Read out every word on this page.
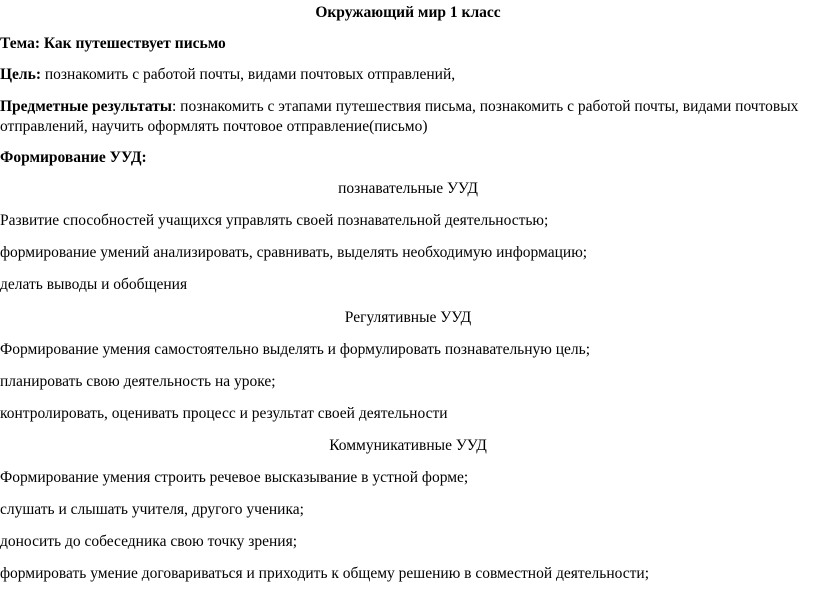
Окружающий мир 1 класс
Тема: Как путешествует письмо
Цель: познакомить с работой почты, видами почтовых отправлений,
Предметные результаты: познакомить с этапами путешествия письма, познакомить с работой почты, видами почтовых отправлений, научить оформлять почтовое отправление(письмо)
Формирование УУД:
познавательные УУД
Развитие способностей учащихся управлять своей познавательной деятельностью;
формирование умений анализировать, сравнивать, выделять необходимую информацию;
делать выводы и обобщения
Регулятивные УУД
Формирование умения самостоятельно выделять и формулировать познавательную цель;
планировать свою деятельность на уроке;
контролировать, оценивать процесс и результат своей деятельности
Коммуникативные УУД
Формирование умения строить речевое высказывание в устной форме;
слушать и слышать учителя, другого ученика;
доносить до собеседника свою точку зрения;
формировать умение договариваться и приходить к общему решению в совместной деятельности;
